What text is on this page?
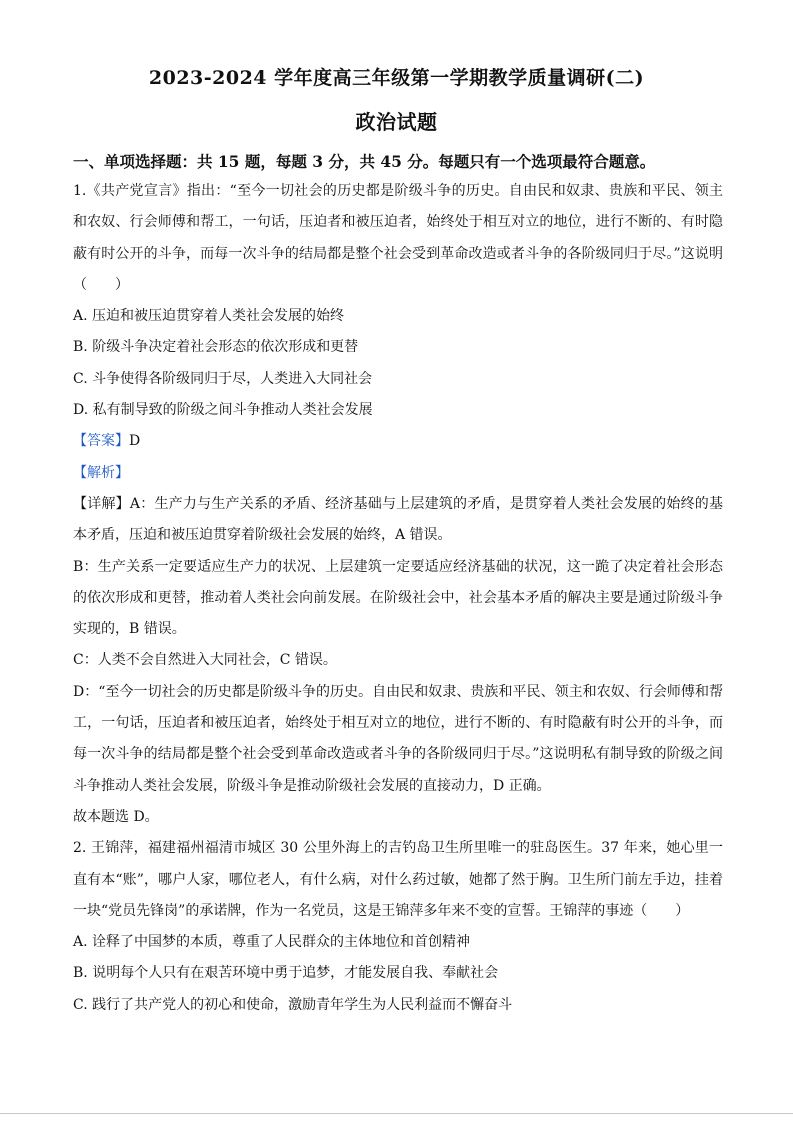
2023-2024 学年度高三年级第一学期教学质量调研(二)
政治试题
一、单项选择题：共 15 题，每题 3 分，共 45 分。每题只有一个选项最符合题意。

1.《共产党宣言》指出：“至今一切社会的历史都是阶级斗争的历史。自由民和奴隶、贵族和平民、领主和农奴、行会师傅和帮工，一句话，压迫者和被压迫者，始终处于相互对立的地位，进行不断的、有时隐蔽有时公开的斗争，而每一次斗争的结局都是整个社会受到革命改造或者斗争的各阶级同归于尽。”这说明（　　）

A. 压迫和被压迫贯穿着人类社会发展的始终

B. 阶级斗争决定着社会形态的依次形成和更替

C. 斗争使得各阶级同归于尽，人类进入大同社会

D. 私有制导致的阶级之间斗争推动人类社会发展

【答案】D

【解析】

【详解】A：生产力与生产关系的矛盾、经济基础与上层建筑的矛盾，是贯穿着人类社会发展的始终的基本矛盾，压迫和被压迫贯穿着阶级社会发展的始终，A 错误。

B：生产关系一定要适应生产力的状况、上层建筑一定要适应经济基础的状况，这一跪了决定着社会形态的依次形成和更替，推动着人类社会向前发展。在阶级社会中，社会基本矛盾的解决主要是通过阶级斗争实现的，B 错误。

C：人类不会自然进入大同社会，C 错误。

D：“至今一切社会的历史都是阶级斗争的历史。自由民和奴隶、贵族和平民、领主和农奴、行会师傅和帮工，一句话，压迫者和被压迫者，始终处于相互对立的地位，进行不断的、有时隐蔽有时公开的斗争，而每一次斗争的结局都是整个社会受到革命改造或者斗争的各阶级同归于尽。”这说明私有制导致的阶级之间斗争推动人类社会发展，阶级斗争是推动阶级社会发展的直接动力，D 正确。

故本题选 D。

2. 王锦萍，福建福州福清市城区 30 公里外海上的吉钓岛卫生所里唯一的驻岛医生。37 年来，她心里一直有本“账”，哪户人家，哪位老人，有什么病，对什么药过敏，她都了然于胸。卫生所门前左手边，挂着一块“党员先锋岗”的承诺牌，作为一名党员，这是王锦萍多年来不变的宣誓。王锦萍的事迹（　　）

A. 诠释了中国梦的本质，尊重了人民群众的主体地位和首创精神

B. 说明每个人只有在艰苦环境中勇于追梦，才能发展自我、奉献社会

C. 践行了共产党人的初心和使命，激励青年学生为人民利益而不懈奋斗
